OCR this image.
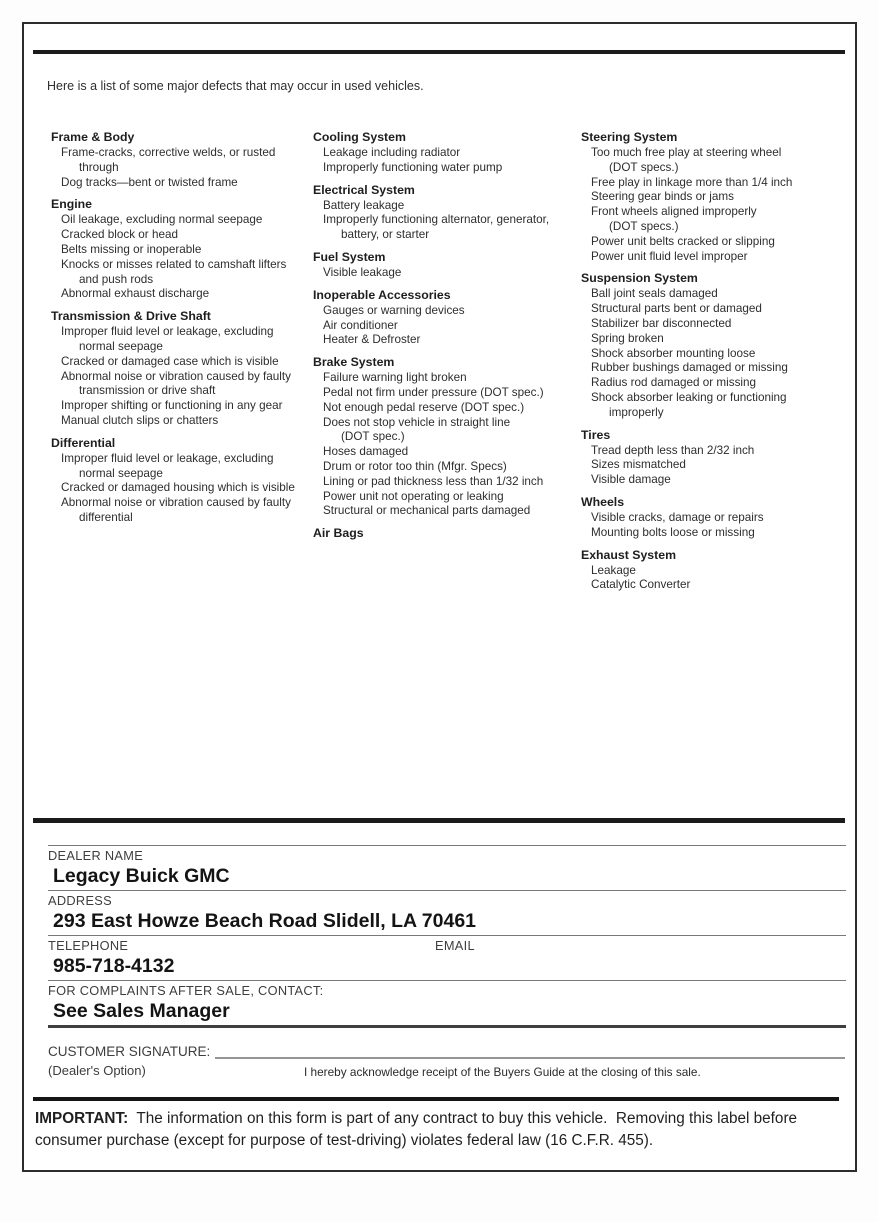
Here is a list of some major defects that may occur in used vehicles.

Frame & Body
Frame-cracks, corrective welds, or rusted through
Dog tracks—bent or twisted frame
Engine
Oil leakage, excluding normal seepage
Cracked block or head
Belts missing or inoperable
Knocks or misses related to camshaft lifters and push rods
Abnormal exhaust discharge
Transmission & Drive Shaft
Improper fluid level or leakage, excluding normal seepage
Cracked or damaged case which is visible
Abnormal noise or vibration caused by faulty transmission or drive shaft
Improper shifting or functioning in any gear
Manual clutch slips or chatters
Differential
Improper fluid level or leakage, excluding normal seepage
Cracked or damaged housing which is visible
Abnormal noise or vibration caused by faulty differential
Cooling System
Leakage including radiator
Improperly functioning water pump
Electrical System
Battery leakage
Improperly functioning alternator, generator, battery, or starter
Fuel System
Visible leakage
Inoperable Accessories
Gauges or warning devices
Air conditioner
Heater & Defroster
Brake System
Failure warning light broken
Pedal not firm under pressure (DOT spec.)
Not enough pedal reserve (DOT spec.)
Does not stop vehicle in straight line (DOT spec.)
Hoses damaged
Drum or rotor too thin (Mfgr. Specs)
Lining or pad thickness less than 1/32 inch
Power unit not operating or leaking
Structural or mechanical parts damaged
Air Bags
Steering System
Too much free play at steering wheel (DOT specs.)
Free play in linkage more than 1/4 inch
Steering gear binds or jams
Front wheels aligned improperly (DOT specs.)
Power unit belts cracked or slipping
Power unit fluid level improper
Suspension System
Ball joint seals damaged
Structural parts bent or damaged
Stabilizer bar disconnected
Spring broken
Shock absorber mounting loose
Rubber bushings damaged or missing
Radius rod damaged or missing
Shock absorber leaking or functioning improperly
Tires
Tread depth less than 2/32 inch
Sizes mismatched
Visible damage
Wheels
Visible cracks, damage or repairs
Mounting bolts loose or missing
Exhaust System
Leakage
Catalytic Converter
DEALER NAME
Legacy Buick GMC
ADDRESS
293 East Howze Beach Road Slidell, LA 70461
TELEPHONE	EMAIL
985-718-4132
FOR COMPLAINTS AFTER SALE, CONTACT:
See Sales Manager
CUSTOMER SIGNATURE:
(Dealer's Option)	I hereby acknowledge receipt of the Buyers Guide at the closing of this sale.

IMPORTANT:  The information on this form is part of any contract to buy this vehicle.  Removing this label before consumer purchase (except for purpose of test-driving) violates federal law (16 C.F.R. 455).
